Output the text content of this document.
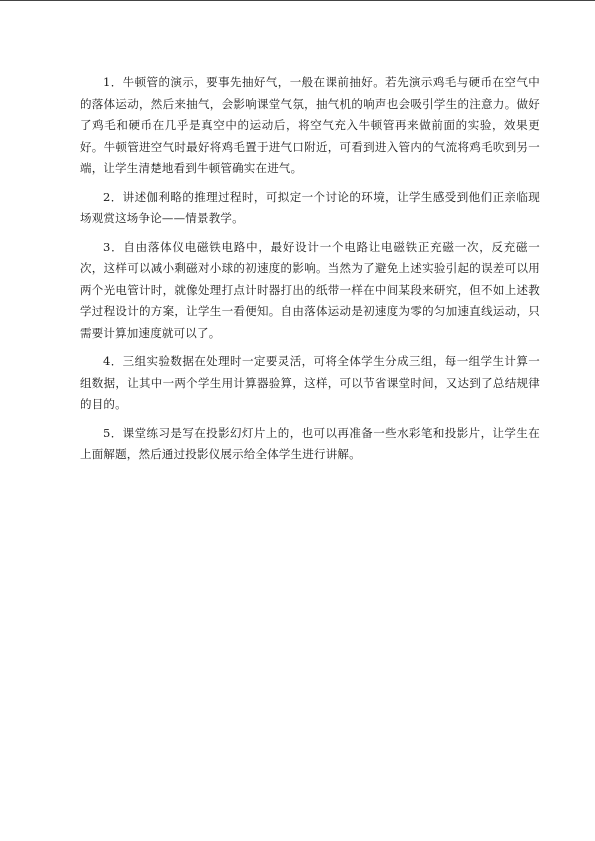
1．牛顿管的演示，要事先抽好气，一般在课前抽好。若先演示鸡毛与硬币在空气中的落体运动，然后来抽气，会影响课堂气氛，抽气机的响声也会吸引学生的注意力。做好了鸡毛和硬币在几乎是真空中的运动后，将空气充入牛顿管再来做前面的实验，效果更好。牛顿管进空气时最好将鸡毛置于进气口附近，可看到进入管内的气流将鸡毛吹到另一端，让学生清楚地看到牛顿管确实在进气。

2．讲述伽利略的推理过程时，可拟定一个讨论的环境，让学生感受到他们正亲临现场观赏这场争论——情景教学。

3．自由落体仪电磁铁电路中，最好设计一个电路让电磁铁正充磁一次，反充磁一次，这样可以减小剩磁对小球的初速度的影响。当然为了避免上述实验引起的误差可以用两个光电管计时，就像处理打点计时器打出的纸带一样在中间某段来研究，但不如上述教学过程设计的方案，让学生一看便知。自由落体运动是初速度为零的匀加速直线运动，只需要计算加速度就可以了。

4．三组实验数据在处理时一定要灵活，可将全体学生分成三组，每一组学生计算一组数据，让其中一两个学生用计算器验算，这样，可以节省课堂时间，又达到了总结规律的目的。

5．课堂练习是写在投影幻灯片上的，也可以再准备一些水彩笔和投影片，让学生在上面解题，然后通过投影仪展示给全体学生进行讲解。
